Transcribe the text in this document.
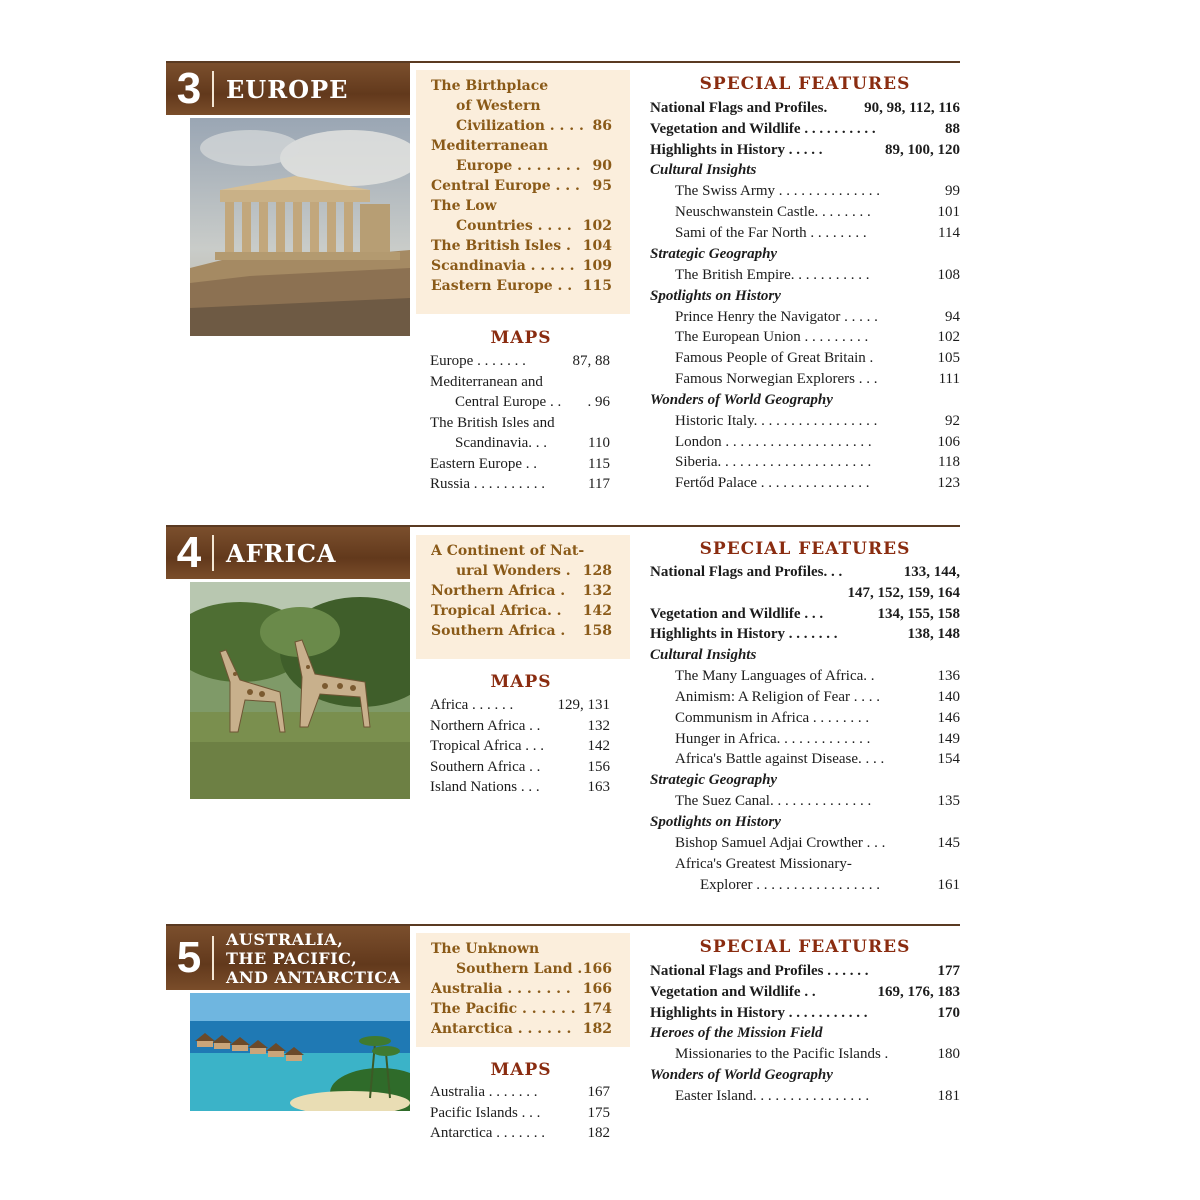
3	EUROPE	The Birthplace
of Western
Civilization . . . . 86
Mediterranean
Europe . . . . . . . 90
Central Europe . . . 95
The Low
Countries . . . . 102
The British Isles . 104
Scandinavia . . . . . 109
Eastern Europe . . 115
MAPS
Europe . . . . . . .	87, 88
Mediterranean and
Central Europe . .	. 96
The British Isles and
Scandinavia. . .	110
Eastern Europe . .	115
Russia . . . . . . . . . .	117
SPECIAL FEATURES
National Flags and Profiles.	90, 98, 112, 116
Vegetation and Wildlife . . . . . . . . . .	88
Highlights in History . . . . .	89, 100, 120
Cultural Insights
The Swiss Army . . . . . . . . . . . . . .	99
Neuschwanstein Castle. . . . . . . .	101
Sami of the Far North . . . . . . . .	114
Strategic Geography
The British Empire. . . . . . . . . . .	108
Spotlights on History
Prince Henry the Navigator . . . . .	94
The European Union . . . . . . . . .	102
Famous People of Great Britain .	105
Famous Norwegian Explorers . . .	111
Wonders of World Geography
Historic Italy. . . . . . . . . . . . . . . . .	92
London . . . . . . . . . . . . . . . . . . . .	106
Siberia. . . . . . . . . . . . . . . . . . . . .	118
Fertőd Palace . . . . . . . . . . . . . . .	123
4	AFRICA	A Continent of Nat-
ural Wonders . 128
Northern Africa .	132
Tropical Africa. .	142
Southern Africa .	158
MAPS
Africa . . . . . .	129, 131
Northern Africa . .	132
Tropical Africa . . .	142
Southern Africa . .	156
Island Nations . . .	163
SPECIAL FEATURES
National Flags and Profiles. . .	133, 144,
147, 152, 159, 164
Vegetation and Wildlife . . .	134, 155, 158
Highlights in History . . . . . . .	138, 148
Cultural Insights
The Many Languages of Africa. .	136
Animism: A Religion of Fear . . . .	140
Communism in Africa . . . . . . . .	146
Hunger in Africa. . . . . . . . . . . . .	149
Africa's Battle against Disease. . . .	154
Strategic Geography
The Suez Canal. . . . . . . . . . . . . .	135
Spotlights on History
Bishop Samuel Adjai Crowther . . .	145
Africa's Greatest Missionary-
Explorer . . . . . . . . . . . . . . . . .	161
5	AUSTRALIA,
THE PACIFIC,
AND ANTARCTICA
The Unknown
Southern Land . 166
Australia . . . . . . . 166
The Pacific . . . . . . 174
Antarctica . . . . . . 182
MAPS
Australia . . . . . . .	167
Pacific Islands . . .	175
Antarctica . . . . . . .	182
SPECIAL FEATURES
National Flags and Profiles . . . . . .	177
Vegetation and Wildlife . .	169, 176, 183
Highlights in History . . . . . . . . . . .	170
Heroes of the Mission Field
Missionaries to the Pacific Islands .	180
Wonders of World Geography
Easter Island. . . . . . . . . . . . . . . .	181
